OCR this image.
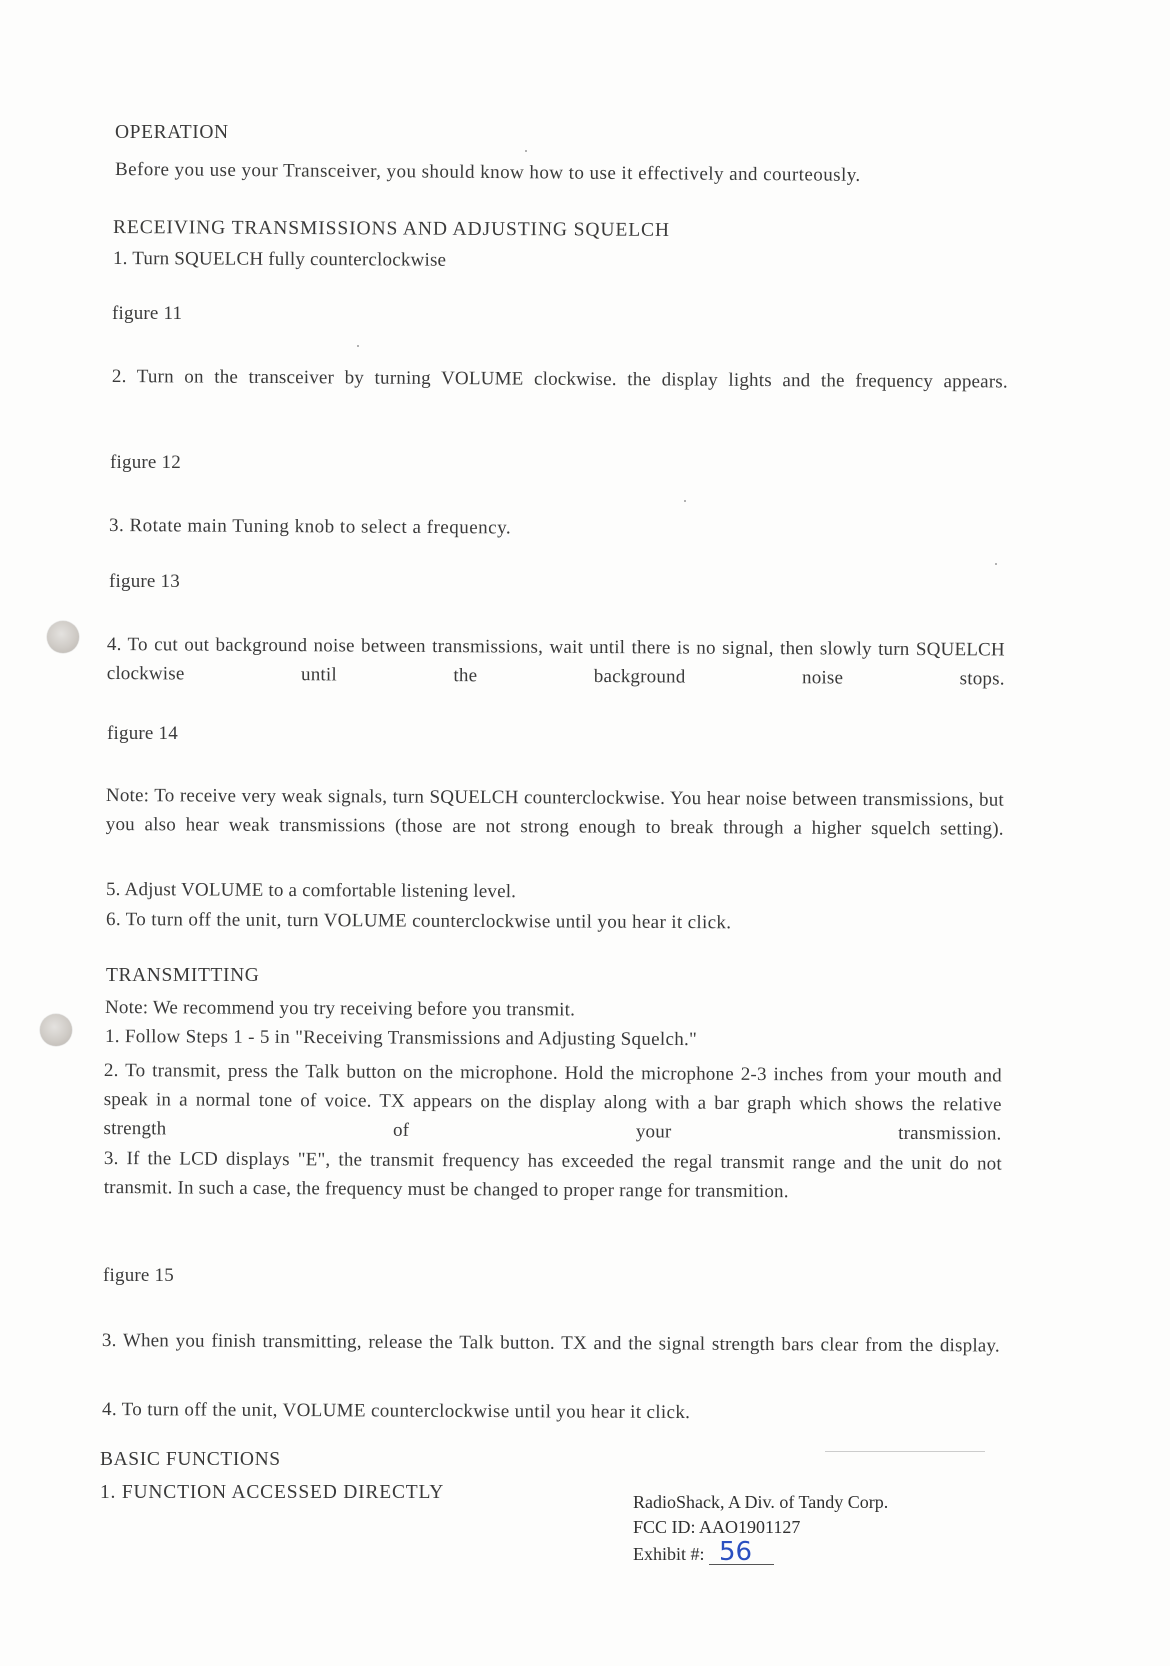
OPERATION
Before you use your Transceiver, you should know how to use it effectively and courteously.
RECEIVING TRANSMISSIONS AND ADJUSTING SQUELCH
1. Turn SQUELCH fully counterclockwise
figure 11
2. Turn on the transceiver by turning VOLUME clockwise. the display lights and the frequency appears.
figure 12
3. Rotate main Tuning knob to select a frequency.
figure 13
4. To cut out background noise between transmissions, wait until there is no signal, then slowly turn SQUELCH clockwise until the background noise stops.
figure 14
Note: To receive very weak signals, turn SQUELCH counterclockwise. You hear noise between transmissions, but you also hear weak transmissions (those are not strong enough to break through a higher squelch setting).
5. Adjust VOLUME to a comfortable listening level.
6. To turn off the unit, turn VOLUME counterclockwise until you hear it click.
TRANSMITTING
Note: We recommend you try receiving before you transmit.
1. Follow Steps 1 - 5 in "Receiving Transmissions and Adjusting Squelch."
2. To transmit, press the Talk button on the microphone. Hold the microphone 2-3 inches from your mouth and speak in a normal tone of voice. TX appears on the display along with a bar graph which shows the relative strength of your transmission.
3. If the LCD displays "E", the transmit frequency has exceeded the regal transmit range and the unit do not transmit. In such a case, the frequency must be changed to proper range for transmition.
figure 15
3. When you finish transmitting, release the Talk button. TX and the signal strength bars clear from the display.
4. To turn off the unit, VOLUME counterclockwise until you hear it click.
BASIC FUNCTIONS
1. FUNCTION ACCESSED DIRECTLY	RadioShack, A Div. of Tandy Corp.
FCC ID: AAO1901127
Exhibit #: 56
